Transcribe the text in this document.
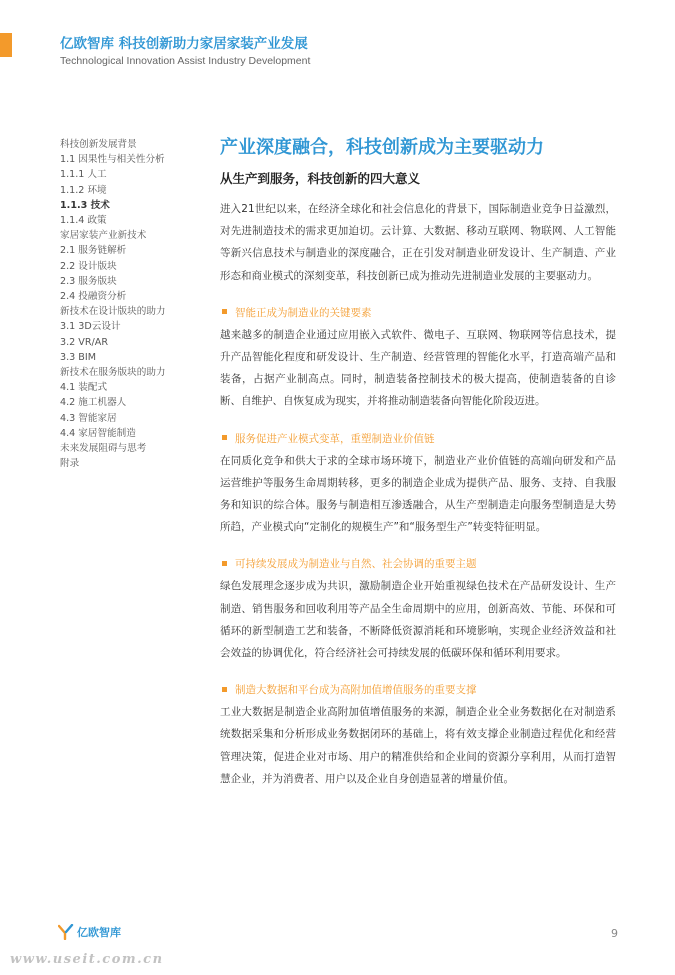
亿欧智库 科技创新助力家居家装产业发展
Technological Innovation Assist Industry Development
科技创新发展背景
1.1 因果性与相关性分析
1.1.1 人工
1.1.2 环境
1.1.3 技术
1.1.4 政策
家居家装产业新技术
2.1 服务链解析
2.2 设计版块
2.3 服务版块
2.4 投融资分析
新技术在设计版块的助力
3.1 3D云设计
3.2 VR/AR
3.3 BIM
新技术在服务版块的助力
4.1 装配式
4.2 施工机器人
4.3 智能家居
4.4 家居智能制造
未来发展阻碍与思考
附录
产业深度融合，科技创新成为主要驱动力
从生产到服务，科技创新的四大意义

进入21世纪以来，在经济全球化和社会信息化的背景下，国际制造业竞争日益激烈，对先进制造技术的需求更加迫切。云计算、大数据、移动互联网、物联网、人工智能等新兴信息技术与制造业的深度融合，正在引发对制造业研发设计、生产制造、产业形态和商业模式的深刻变革，科技创新已成为推动先进制造业发展的主要驱动力。

智能正成为制造业的关键要素

越来越多的制造企业通过应用嵌入式软件、微电子、互联网、物联网等信息技术，提升产品智能化程度和研发设计、生产制造、经营管理的智能化水平，打造高端产品和装备，占据产业制高点。同时，制造装备控制技术的极大提高，使制造装备的自诊断、自维护、自恢复成为现实，并将推动制造装备向智能化阶段迈进。

服务促进产业模式变革，重塑制造业价值链

在同质化竞争和供大于求的全球市场环境下，制造业产业价值链的高端向研发和产品运营维护等服务生命周期转移，更多的制造企业成为提供产品、服务、支持、自我服务和知识的综合体。服务与制造相互渗透融合，从生产型制造走向服务型制造是大势所趋，产业模式向“定制化的规模生产”和“服务型生产”转变特征明显。

可持续发展成为制造业与自然、社会协调的重要主题

绿色发展理念逐步成为共识，激励制造企业开始重视绿色技术在产品研发设计、生产制造、销售服务和回收利用等产品全生命周期中的应用，创新高效、节能、环保和可循环的新型制造工艺和装备，不断降低资源消耗和环境影响，实现企业经济效益和社会效益的协调优化，符合经济社会可持续发展的低碳环保和循环利用要求。

制造大数据和平台成为高附加值增值服务的重要支撑

工业大数据是制造企业高附加值增值服务的来源，制造企业全业务数据化在对制造系统数据采集和分析形成业务数据闭环的基础上，将有效支撑企业制造过程优化和经营管理决策，促进企业对市场、用户的精准供给和企业间的资源分享利用，从而打造智慧企业，并为消费者、用户以及企业自身创造显著的增量价值。

亿欧智库	9
www.useit.com.cn
